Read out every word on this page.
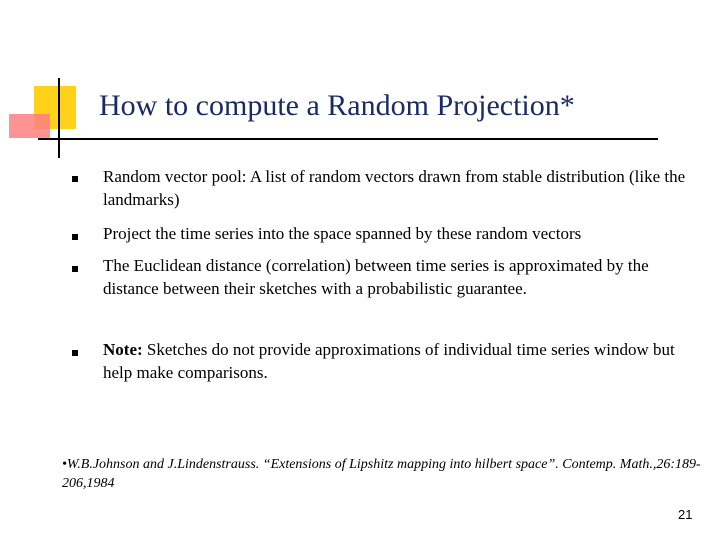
How to compute a Random Projection*
Random vector pool: A list of random vectors drawn from stable distribution (like the landmarks)
Project the time series into the space spanned by these random vectors
The Euclidean distance (correlation) between time series is approximated by the distance between their sketches with a probabilistic guarantee.
Note: Sketches do not provide approximations of individual time series window but help make comparisons.
•W.B.Johnson and J.Lindenstrauss. “Extensions of Lipshitz mapping into hilbert space”. Contemp. Math.,26:189-206,1984
21
